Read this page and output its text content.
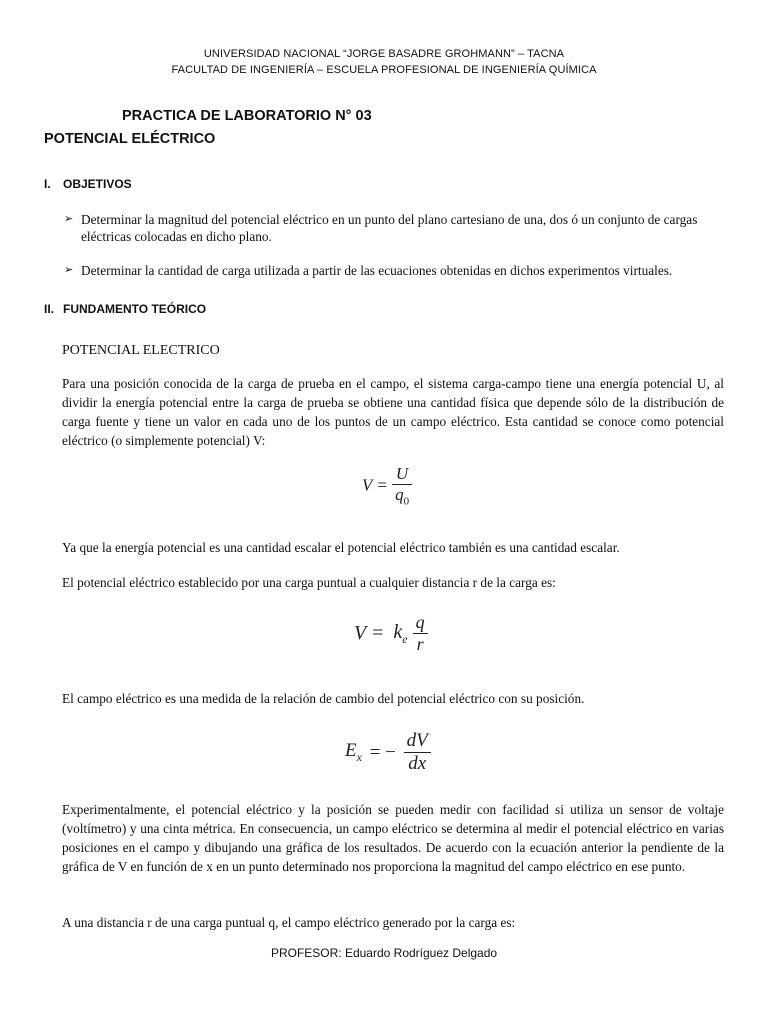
UNIVERSIDAD NACIONAL “JORGE BASADRE GROHMANN” – TACNA
FACULTAD DE INGENIERÍA – ESCUELA PROFESIONAL DE INGENIERÍA QUÍMICA
PRACTICA DE LABORATORIO N° 03
POTENCIAL ELÉCTRICO
I. OBJETIVOS
➢ Determinar la magnitud del potencial eléctrico en un punto del plano cartesiano de una, dos ó un conjunto de cargas eléctricas colocadas en dicho plano.
➢ Determinar la cantidad de carga utilizada a partir de las ecuaciones obtenidas en dichos experimentos virtuales.
II. FUNDAMENTO TEÓRICO
POTENCIAL ELECTRICO
Para una posición conocida de la carga de prueba en el campo, el sistema carga-campo tiene una energía potencial U, al dividir la energía potencial entre la carga de prueba se obtiene una cantidad física que depende sólo de la distribución de carga fuente y tiene un valor en cada uno de los puntos de un campo eléctrico. Esta cantidad se conoce como potencial eléctrico (o simplemente potencial) V:
$V = \frac{U}{q_0}$
Ya que la energía potencial es una cantidad escalar el potencial eléctrico también es una cantidad escalar.
El potencial eléctrico establecido por una carga puntual a cualquier distancia r de la carga es:
$V = k_e \frac{q}{r}$
El campo eléctrico es una medida de la relación de cambio del potencial eléctrico con su posición.
$E_x$ = − $\frac{dV}{dx}$
Experimentalmente, el potencial eléctrico y la posición se pueden medir con facilidad si utiliza un sensor de voltaje (voltímetro) y una cinta métrica. En consecuencia, un campo eléctrico se determina al medir el potencial eléctrico en varias posiciones en el campo y dibujando una gráfica de los resultados. De acuerdo con la ecuación anterior la pendiente de la gráfica de V en función de x en un punto determinado nos proporciona la magnitud del campo eléctrico en ese punto.
A una distancia r de una carga puntual q, el campo eléctrico generado por la carga es:
PROFESOR: Eduardo Rodríguez Delgado
